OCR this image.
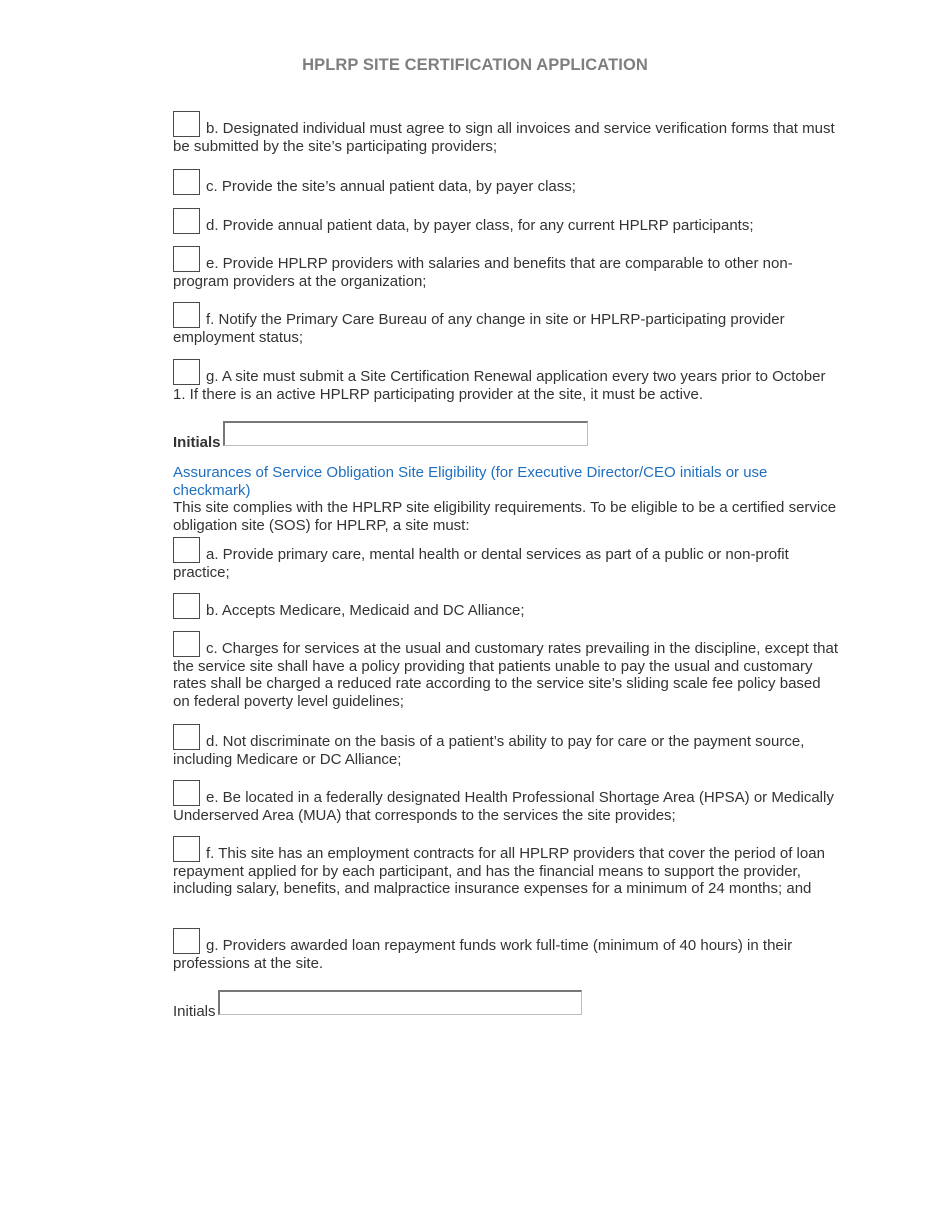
HPLRP SITE CERTIFICATION APPLICATION
b. Designated individual must agree to sign all invoices and service verification forms that must be submitted by the site’s participating providers;
c. Provide the site’s annual patient data, by payer class;
d. Provide annual patient data, by payer class, for any current HPLRP participants;
e. Provide HPLRP providers with salaries and benefits that are comparable to other non-program providers at the organization;
f. Notify the Primary Care Bureau of any change in site or HPLRP-participating provider employment status;
g. A site must submit a Site Certification Renewal application every two years prior to October 1. If there is an active HPLRP participating provider at the site, it must be active.
Initials
Assurances of Service Obligation Site Eligibility (for Executive Director/CEO initials or use checkmark)
This site complies with the HPLRP site eligibility requirements. To be eligible to be a certified service obligation site (SOS) for HPLRP, a site must:
a. Provide primary care, mental health or dental services as part of a public or non-profit practice;
b. Accepts Medicare, Medicaid and DC Alliance;
c. Charges for services at the usual and customary rates prevailing in the discipline, except that the service site shall have a policy providing that patients unable to pay the usual and customary rates shall be charged a reduced rate according to the service site’s sliding scale fee policy based on federal poverty level guidelines;
d. Not discriminate on the basis of a patient’s ability to pay for care or the payment source, including Medicare or DC Alliance;
e. Be located in a federally designated Health Professional Shortage Area (HPSA) or Medically Underserved Area (MUA) that corresponds to the services the site provides;
f. This site has an employment contracts for all HPLRP providers that cover the period of loan repayment applied for by each participant, and has the financial means to support the provider, including salary, benefits, and malpractice insurance expenses for a minimum of 24 months; and
g. Providers awarded loan repayment funds work full-time (minimum of 40 hours) in their professions at the site.
Initials
